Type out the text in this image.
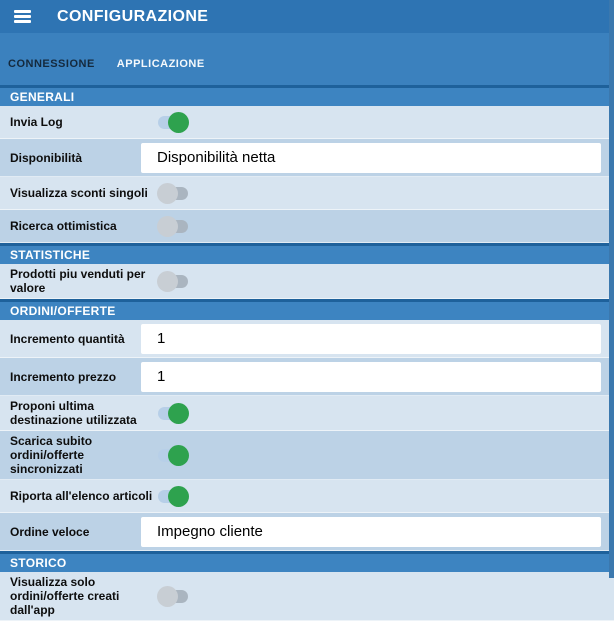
CONFIGURAZIONE
CONNESSIONE APPLICAZIONE
GENERALI
Invia Log
Disponibilità
Disponibilità netta
Visualizza sconti singoli
Ricerca ottimistica
STATISTICHE
Prodotti piu venduti per valore
ORDINI/OFFERTE
Incremento quantità
1
Incremento prezzo
1
Proponi ultima destinazione utilizzata
Scarica subito ordini/offerte sincronizzati
Riporta all'elenco articoli
Ordine veloce
Impegno cliente
STORICO
Visualizza solo ordini/offerte creati dall'app
